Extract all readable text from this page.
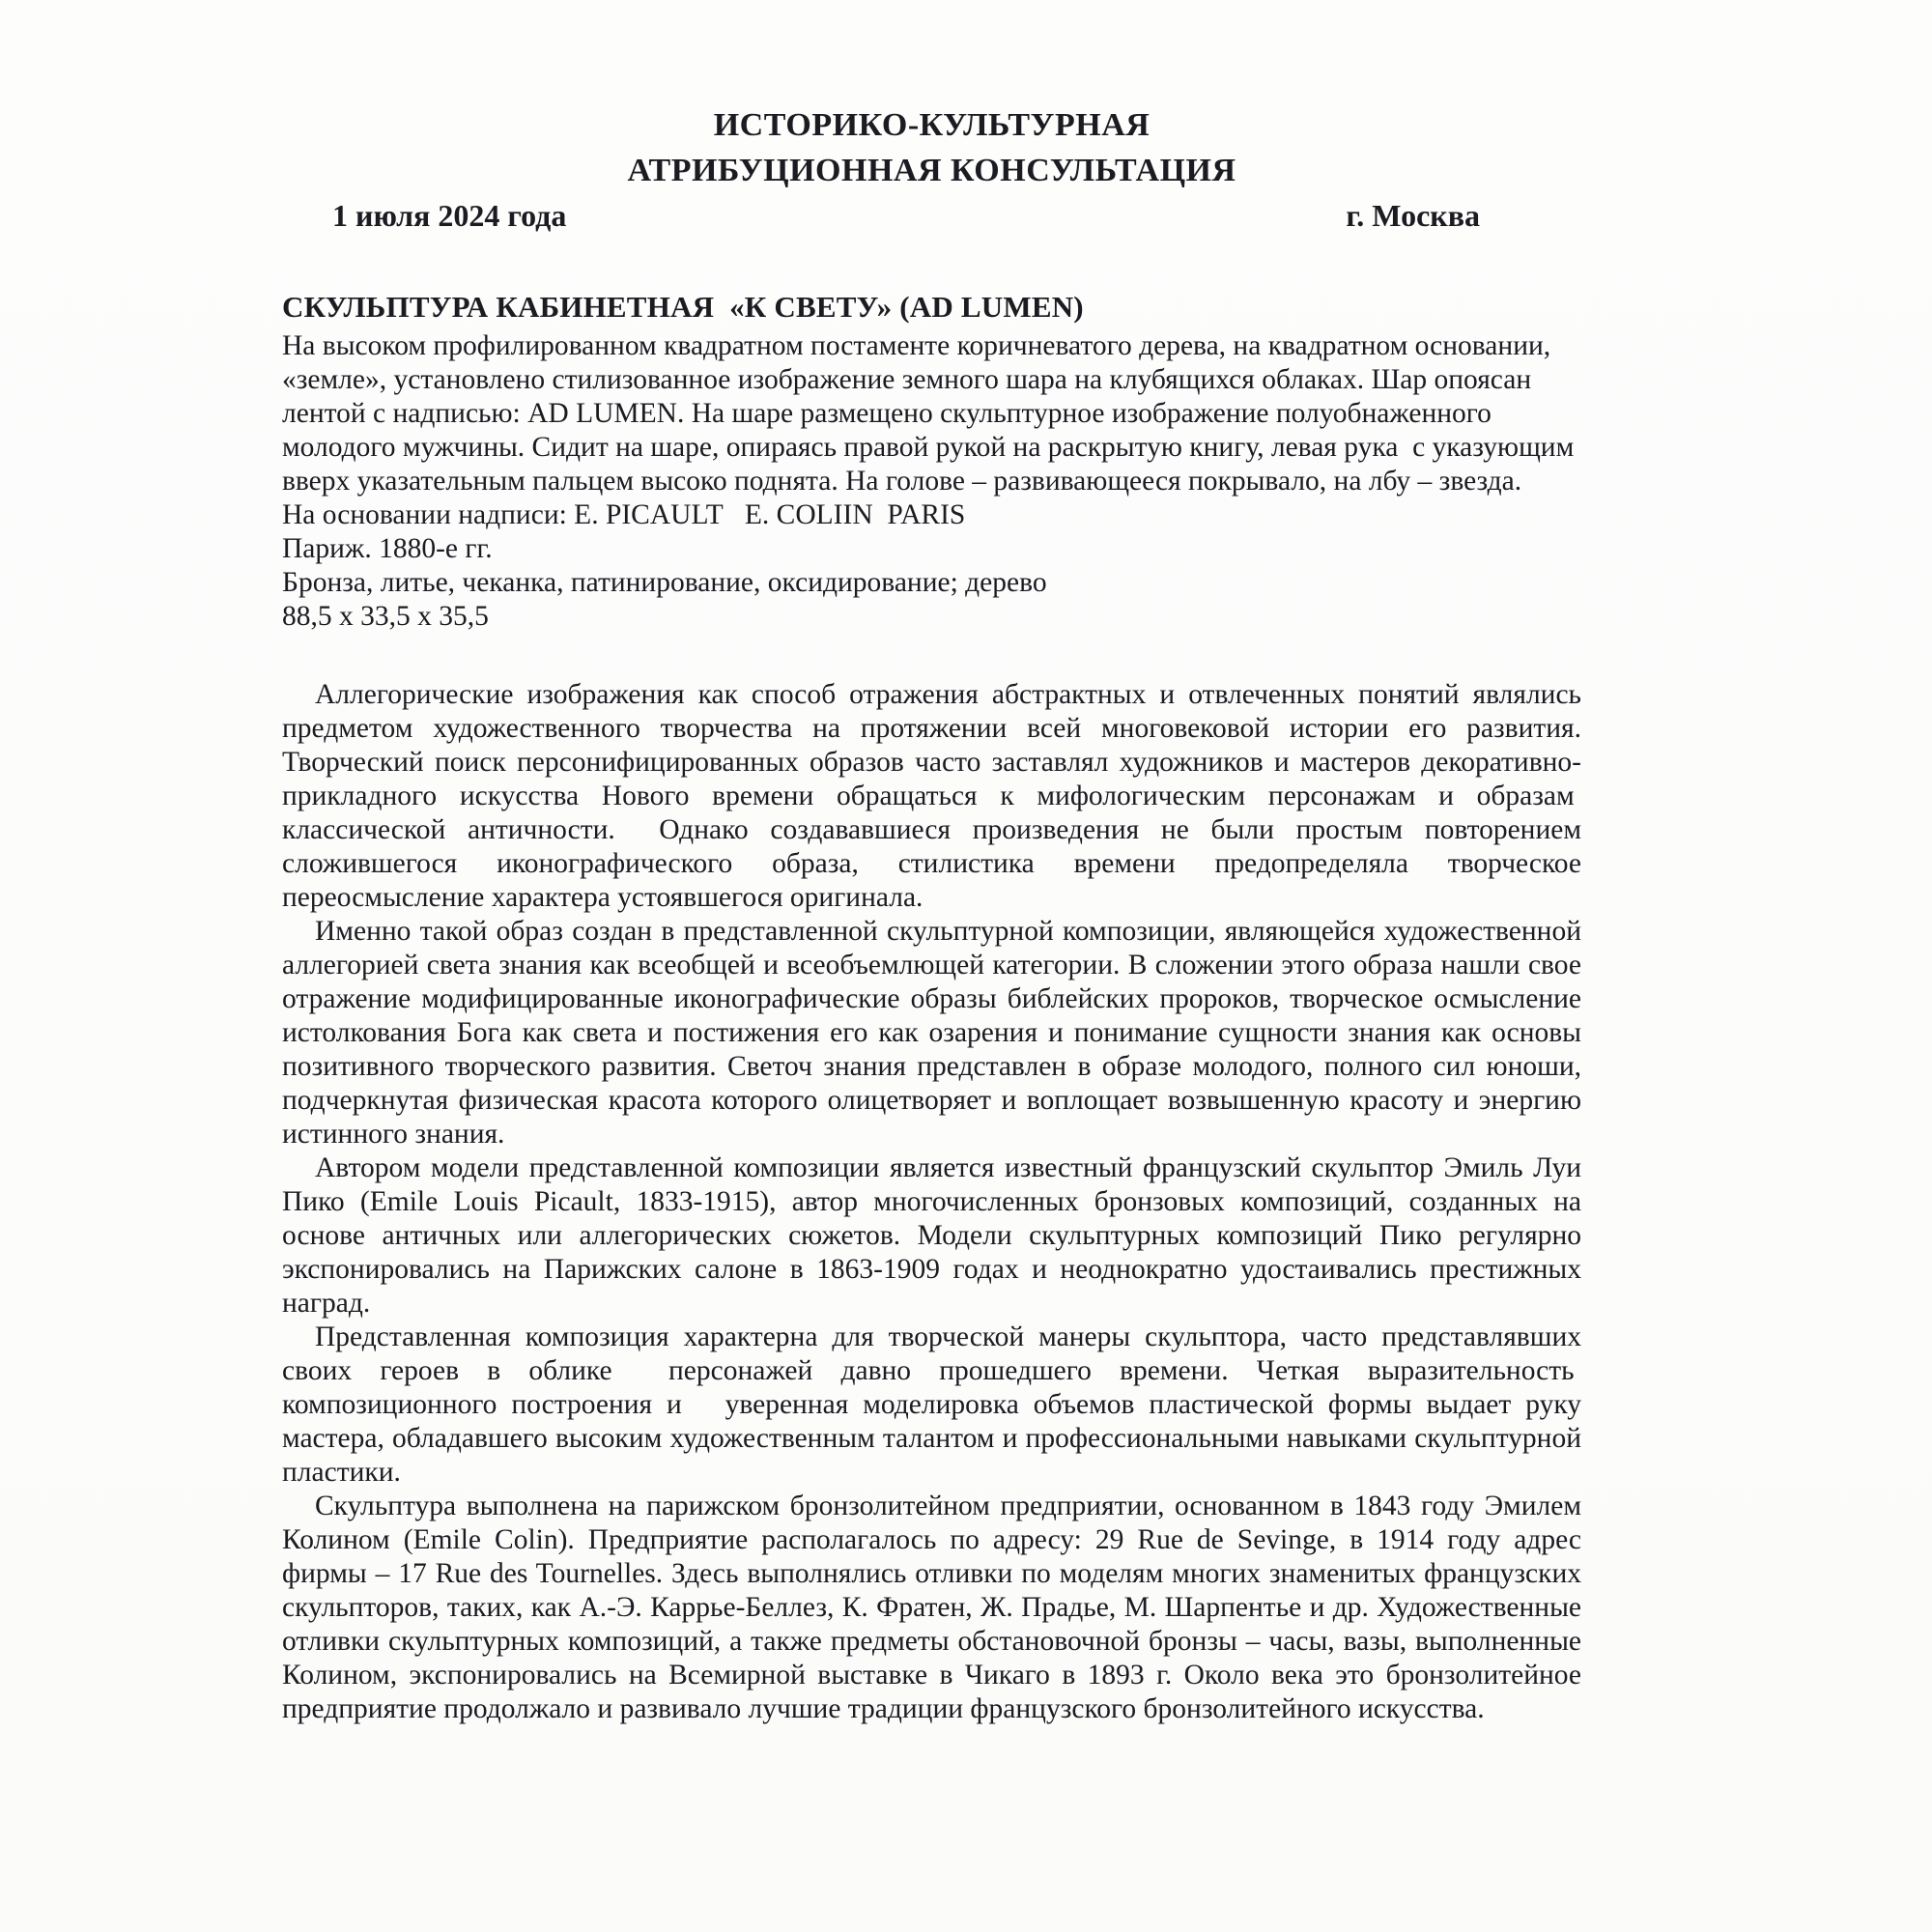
ИСТОРИКО-КУЛЬТУРНАЯ
АТРИБУЦИОННАЯ КОНСУЛЬТАЦИЯ
1 июля 2024 года	г. Москва
СКУЛЬПТУРА КАБИНЕТНАЯ  «К СВЕТУ» (AD LUMEN)

На высоком профилированном квадратном постаменте коричневатого дерева, на квадратном основании, «земле», установлено стилизованное изображение земного шара на клубящихся облаках. Шар опоясан лентой с надписью: AD LUMEN. На шаре размещено скульптурное изображение полуобнаженного молодого мужчины. Сидит на шаре, опираясь правой рукой на раскрытую книгу, левая рука  с указующим вверх указательным пальцем высоко поднята. На голове – развивающееся покрывало, на лбу – звезда.

На основании надписи: E. PICAULT   E. COLIIN  PARIS

Париж. 1880-е гг.

Бронза, литье, чеканка, патинирование, оксидирование; дерево

88,5 x 33,5 x 35,5

Аллегорические изображения как способ отражения абстрактных и отвлеченных понятий являлись предметом художественного творчества на протяжении всей многовековой истории его развития. Творческий поиск персонифицированных образов часто заставлял художников и мастеров декоративно-прикладного искусства Нового времени обращаться к мифологическим персонажам и образам  классической античности.  Однако создававшиеся произведения не были простым повторением сложившегося иконографического образа, стилистика времени предопределяла творческое переосмысление характера устоявшегося оригинала.

Именно такой образ создан в представленной скульптурной композиции, являющейся художественной аллегорией света знания как всеобщей и всеобъемлющей категории. В сложении этого образа нашли свое отражение модифицированные иконографические образы библейских пророков, творческое осмысление истолкования Бога как света и постижения его как озарения и понимание сущности знания как основы позитивного творческого развития. Светоч знания представлен в образе молодого, полного сил юноши, подчеркнутая физическая красота которого олицетворяет и воплощает возвышенную красоту и энергию истинного знания.

Автором модели представленной композиции является известный французский скульптор Эмиль Луи Пико (Emile Louis Picault, 1833-1915), автор многочисленных бронзовых композиций, созданных на основе античных или аллегорических сюжетов. Модели скульптурных композиций Пико регулярно экспонировались на Парижских салоне в 1863-1909 годах и неоднократно удостаивались престижных наград.

Представленная композиция характерна для творческой манеры скульптора, часто представлявших своих героев в облике  персонажей давно прошедшего времени. Четкая выразительность  композиционного построения и   уверенная моделировка объемов пластической формы выдает руку мастера, обладавшего высоким художественным талантом и профессиональными навыками скульптурной пластики.

Скульптура выполнена на парижском бронзолитейном предприятии, основанном в 1843 году Эмилем Колином (Emile Colin). Предприятие располагалось по адресу: 29 Rue de Sevinge, в 1914 году адрес фирмы – 17 Rue des Tournelles. Здесь выполнялись отливки по моделям многих знаменитых французских скульпторов, таких, как А.-Э. Каррье-Беллез, К. Фратен, Ж. Прадье, М. Шарпентье и др. Художественные отливки скульптурных композиций, а также предметы обстановочной бронзы – часы, вазы, выполненные Колином, экспонировались на Всемирной выставке в Чикаго в 1893 г. Около века это бронзолитейное предприятие продолжало и развивало лучшие традиции французского бронзолитейного искусства.
